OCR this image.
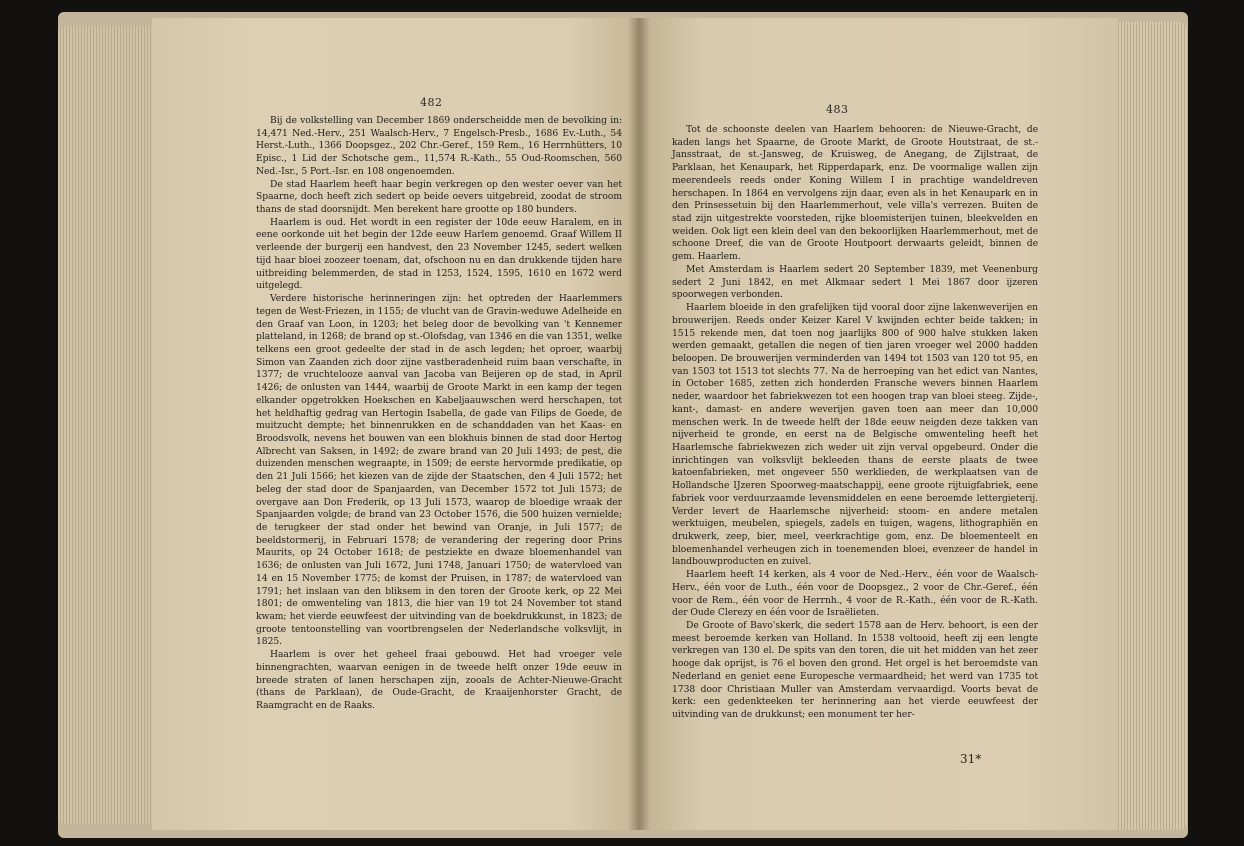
482

Bij de volkstelling van December 1869 onderscheidde men de bevolking in: 14,471 Ned.-Herv., 251 Waalsch-Herv., 7 Engelsch-Presb., 1686 Ev.-Luth., 54 Herst.-Luth., 1366 Doopsgez., 202 Chr.-Geref., 159 Rem., 16 Herrnhütters, 10 Episc., 1 Lid der Schotsche gem., 11,574 R.-Kath., 55 Oud-Roomschen, 560 Ned.-Isr., 5 Port.-Isr. en 108 ongenoemden.

De stad Haarlem heeft haar begin verkregen op den wester oever van het Spaarne, doch heeft zich sedert op beide oevers uitgebreid, zoodat de stroom thans de stad doorsnijdt. Men berekent hare grootte op 180 bunders.

Haarlem is oud. Het wordt in een register der 10de eeuw Haralem, en in eene oorkonde uit het begin der 12de eeuw Harlem genoemd. Graaf Willem II verleende der burgerij een handvest, den 23 November 1245, sedert welken tijd haar bloei zoozeer toenam, dat, ofschoon nu en dan drukkende tijden hare uitbreiding belemmerden, de stad in 1253, 1524, 1595, 1610 en 1672 werd uitgelegd.

Verdere historische herinneringen zijn: het optreden der Haarlemmers tegen de West-Friezen, in 1155; de vlucht van de Gravin-weduwe Adelheide en den Graaf van Loon, in 1203; het beleg door de bevolking van 't Kennemer platteland, in 1268; de brand op st.-Olofsdag, van 1346 en die van 1351, welke telkens een groot gedeelte der stad in de asch legden; het oproer, waarbij Simon van Zaanden zich door zijne vastberadenheid ruim baan verschafte, in 1377; de vruchtelooze aanval van Jacoba van Beijeren op de stad, in April 1426; de onlusten van 1444, waarbij de Groote Markt in een kamp der tegen elkander opgetrokken Hoekschen en Kabeljaauwschen werd herschapen, tot het heldhaftig gedrag van Hertogin Isabella, de gade van Filips de Goede, de muitzucht dempte; het binnenrukken en de schanddaden van het Kaas- en Broodsvolk, nevens het bouwen van een blokhuis binnen de stad door Hertog Albrecht van Saksen, in 1492; de zware brand van 20 Juli 1493; de pest, die duizenden menschen wegraapte, in 1509; de eerste hervormde predikatie, op den 21 Juli 1566; het kiezen van de zijde der Staatschen, den 4 Juli 1572; het beleg der stad door de Spanjaarden, van December 1572 tot Juli 1573; de overgave aan Don Frederik, op 13 Juli 1573, waarop de bloedige wraak der Spanjaarden volgde; de brand van 23 October 1576, die 500 huizen vernielde; de terugkeer der stad onder het bewind van Oranje, in Juli 1577; de beeldstormerij, in Februari 1578; de verandering der regering door Prins Maurits, op 24 October 1618; de pestziekte en dwaze bloemenhandel van 1636; de onlusten van Juli 1672, Juni 1748, Januari 1750; de watervloed van 14 en 15 November 1775; de komst der Pruisen, in 1787; de watervloed van 1791; het inslaan van den bliksem in den toren der Groote kerk, op 22 Mei 1801; de omwenteling van 1813, die hier van 19 tot 24 November tot stand kwam; het vierde eeuwfeest der uitvinding van de boekdrukkunst, in 1823; de groote tentoonstelling van voortbrengselen der Nederlandsche volksvlijt, in 1825.

Haarlem is over het geheel fraai gebouwd. Het had vroeger vele binnengrachten, waarvan eenigen in de tweede helft onzer 19de eeuw in breede straten of lanen herschapen zijn, zooals de Achter-Nieuwe-Gracht (thans de Parklaan), de Oude-Gracht, de Kraaijenhorster Gracht, de Raamgracht en de Raaks.

483

Tot de schoonste deelen van Haarlem behooren: de Nieuwe-Gracht, de kaden langs het Spaarne, de Groote Markt, de Groote Houtstraat, de st.-Jansstraat, de st.-Jansweg, de Kruisweg, de Anegang, de Zijlstraat, de Parklaan, het Kenaupark, het Ripperdapark, enz. De voormalige wallen zijn meerendeels reeds onder Koning Willem I in prachtige wandeldreven herschapen. In 1864 en vervolgens zijn daar, even als in het Kenaupark en in den Prinsessetuin bij den Haarlemmerhout, vele villa's verrezen. Buiten de stad zijn uitgestrekte voorsteden, rijke bloemisterijen tuinen, bleekvelden en weiden. Ook ligt een klein deel van den bekoorlijken Haarlemmerhout, met de schoone Dreef, die van de Groote Houtpoort derwaarts geleidt, binnen de gem. Haarlem.

Met Amsterdam is Haarlem sedert 20 September 1839, met Veenenburg sedert 2 Juni 1842, en met Alkmaar sedert 1 Mei 1867 door ijzeren spoorwegen verbonden.

Haarlem bloeide in den grafelijken tijd vooral door zijne lakenweverijen en brouwerijen. Reeds onder Keizer Karel V kwijnden echter beide takken; in 1515 rekende men, dat toen nog jaarlijks 800 of 900 halve stukken laken werden gemaakt, getallen die negen of tien jaren vroeger wel 2000 hadden beloopen. De brouwerijen verminderden van 1494 tot 1503 van 120 tot 95, en van 1503 tot 1513 tot slechts 77. Na de herroeping van het edict van Nantes, in October 1685, zetten zich honderden Fransche wevers binnen Haarlem neder, waardoor het fabriekwezen tot een hoogen trap van bloei steeg. Zijde-, kant-, damast- en andere weverijen gaven toen aan meer dan 10,000 menschen werk. In de tweede helft der 18de eeuw neigden deze takken van nijverheid te gronde, en eerst na de Belgische omwenteling heeft het Haarlemsche fabriekwezen zich weder uit zijn verval opgebeurd. Onder die inrichtingen van volksvlijt bekleeden thans de eerste plaats de twee katoenfabrieken, met ongeveer 550 werklieden, de werkplaatsen van de Hollandsche IJzeren Spoorweg-maatschappij, eene groote rijtuigfabriek, eene fabriek voor verduurzaamde levensmiddelen en eene beroemde lettergieterij. Verder levert de Haarlemsche nijverheid: stoom- en andere metalen werktuigen, meubelen, spiegels, zadels en tuigen, wagens, lithographiën en drukwerk, zeep, bier, meel, veerkrachtige gom, enz. De bloementeelt en bloemenhandel verheugen zich in toenemenden bloei, evenzeer de handel in landbouwproducten en zuivel.

Haarlem heeft 14 kerken, als 4 voor de Ned.-Herv., één voor de Waalsch-Herv., één voor de Luth., één voor de Doopsgez., 2 voor de Chr.-Geref., één voor de Rem., één voor de Herrnh., 4 voor de R.-Kath., één voor de R.-Kath. der Oude Clerezy en één voor de Israëlieten.

De Groote of Bavo'skerk, die sedert 1578 aan de Herv. behoort, is een der meest beroemde kerken van Holland. In 1538 voltooid, heeft zij een lengte verkregen van 130 el. De spits van den toren, die uit het midden van het zeer hooge dak oprijst, is 76 el boven den grond. Het orgel is het beroemdste van Nederland en geniet eene Europesche vermaardheid; het werd van 1735 tot 1738 door Christiaan Muller van Amsterdam vervaardigd. Voorts bevat de kerk: een gedenkteeken ter herinnering aan het vierde eeuwfeest der uitvinding van de drukkunst; een monument ter her-

31*
